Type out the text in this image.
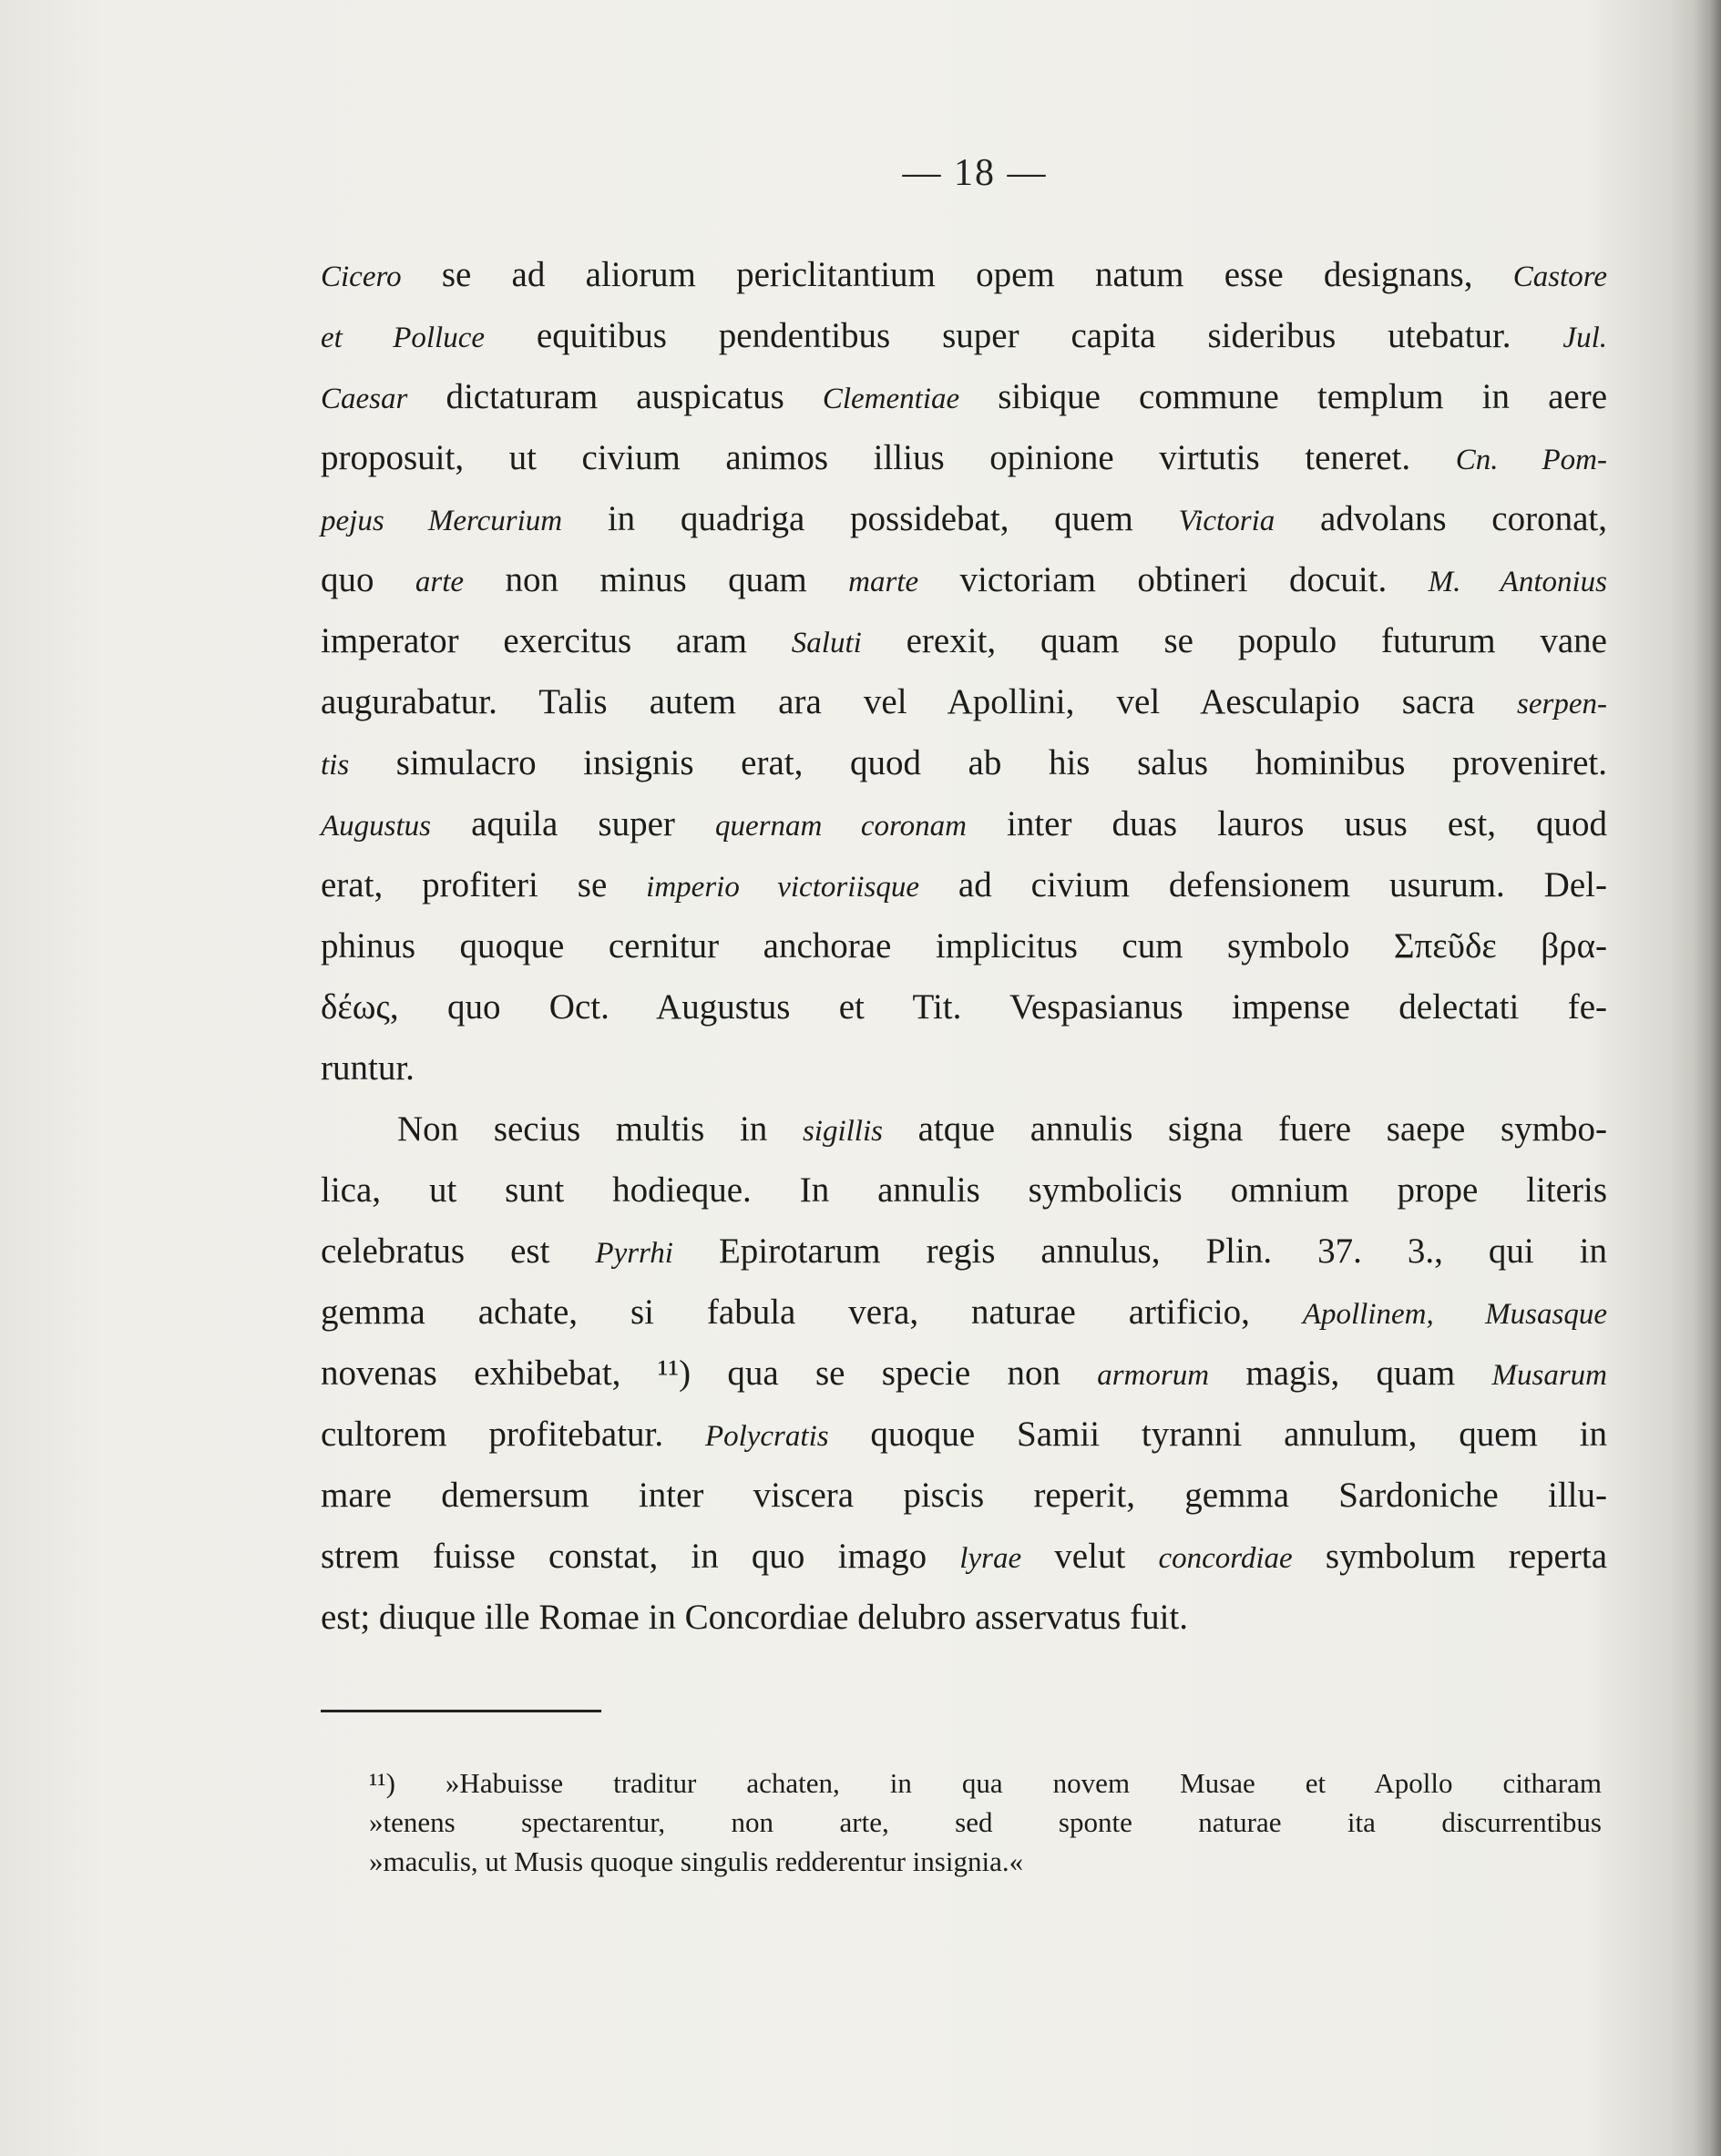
— 18 —
Cicero se ad aliorum periclitantium opem natum esse designans, Castore
et Polluce equitibus pendentibus super capita sideribus utebatur. Jul.
Caesar dictaturam auspicatus Clementiae sibique commune templum in aere
proposuit, ut civium animos illius opinione virtutis teneret. Cn. Pom-
pejus Mercurium in quadriga possidebat, quem Victoria advolans coronat,
quo arte non minus quam marte victoriam obtineri docuit. M. Antonius
imperator exercitus aram Saluti erexit, quam se populo futurum vane
augurabatur. Talis autem ara vel Apollini, vel Aesculapio sacra serpen-
tis simulacro insignis erat, quod ab his salus hominibus proveniret.
Augustus aquila super quernam coronam inter duas lauros usus est, quod
erat, profiteri se imperio victoriisque ad civium defensionem usurum. Del-
phinus quoque cernitur anchorae implicitus cum symbolo Σπεῦδε βρα-
δέως, quo Oct. Augustus et Tit. Vespasianus impense delectati fe-
runtur.
Non secius multis in sigillis atque annulis signa fuere saepe symbo-
lica, ut sunt hodieque. In annulis symbolicis omnium prope literis
celebratus est Pyrrhi Epirotarum regis annulus, Plin. 37. 3., qui in
gemma achate, si fabula vera, naturae artificio, Apollinem, Musasque
novenas exhibebat, ¹¹) qua se specie non armorum magis, quam Musarum
cultorem profitebatur. Polycratis quoque Samii tyranni annulum, quem in
mare demersum inter viscera piscis reperit, gemma Sardoniche illu-
strem fuisse constat, in quo imago lyrae velut concordiae symbolum reperta
est; diuque ille Romae in Concordiae delubro asservatus fuit.
¹¹) »Habuisse traditur achaten, in qua novem Musae et Apollo citharam
»tenens spectarentur, non arte, sed sponte naturae ita discurrentibus
»maculis, ut Musis quoque singulis redderentur insignia.«
